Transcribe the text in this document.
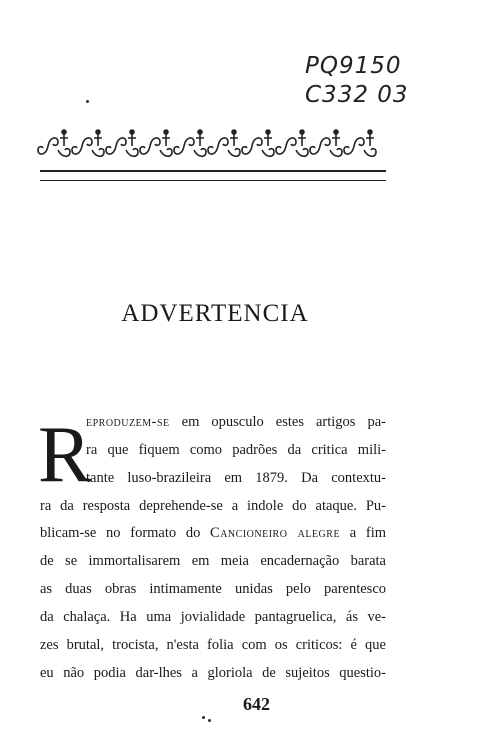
PQ9150
C332 03
ADVERTENCIA
R
eproduzem-se em opusculo estes artigos pa-
ra que fiquem como padrões da critica mili-
tante luso-brazileira em 1879. Da contextu-
ra da resposta deprehende-se a indole do ataque. Pu-
blicam-se no formato do Cancioneiro alegre a fim
de se immortalisarem em meia encadernação barata
as duas obras intimamente unidas pelo parentesco
da chalaça. Ha uma jovialidade pantagruelica, ás ve-
zes brutal, trocista, n'esta folia com os criticos: é que
eu não podia dar-lhes a gloriola de sujeitos questio-
642
